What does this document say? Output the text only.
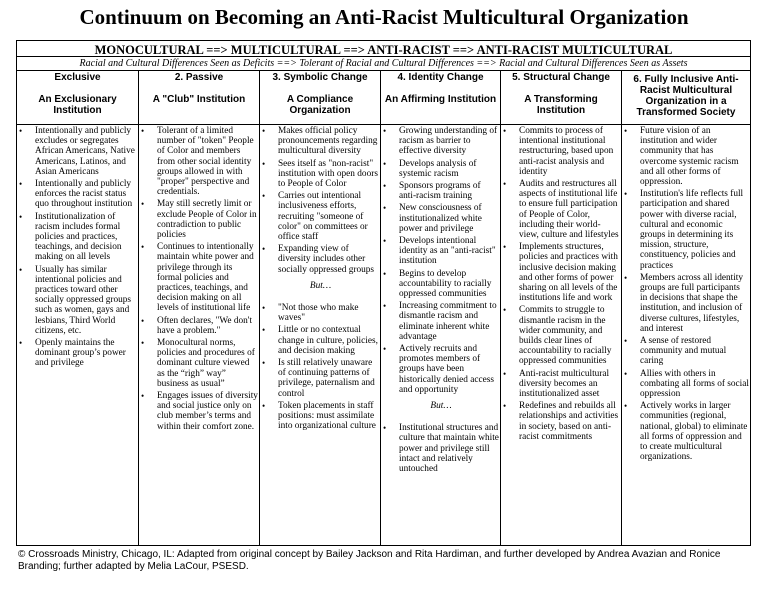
Continuum on Becoming an Anti-Racist Multicultural Organization
MONOCULTURAL ==> MULTICULTURAL ==> ANTI-RACIST ==> ANTI-RACIST MULTICULTURAL
Racial and Cultural Differences Seen as Deficits ==> Tolerant of Racial and Cultural Differences ==> Racial and Cultural Differences Seen as Assets
Exclusive
An Exclusionary Institution
2. Passive
A "Club" Institution
3. Symbolic Change
A Compliance Organization
4. Identity Change
An Affirming Institution
5. Structural Change
A Transforming Institution
6. Fully Inclusive Anti-Racist Multicultural Organization in a Transformed Society
• Intentionally and publicly excludes or segregates African Americans, Native Americans, Latinos, and Asian Americans
• Intentionally and publicly enforces the racist status quo throughout institution
• Institutionalization of racism includes formal policies and practices, teachings, and decision making on all levels
• Usually has similar intentional policies and practices toward other socially oppressed groups such as women, gays and lesbians, Third World citizens, etc.
• Openly maintains the dominant group’s power and privilege
• Tolerant of a limited number of "token" People of Color and members from other social identity groups allowed in with "proper" perspective and credentials.
• May still secretly limit or exclude People of Color in contradiction to public policies
• Continues to intentionally maintain white power and privilege through its formal policies and practices, teachings, and decision making on all levels of institutional life
• Often declares, "We don't have a problem."
• Monocultural norms, policies and procedures of dominant culture viewed as the “righ” way” business as usual”
• Engages issues of diversity and social justice only on club member’s terms and within their comfort zone.
• Makes official policy pronouncements regarding multicultural diversity
• Sees itself as "non-racist" institution with open doors to People of Color
• Carries out intentional inclusiveness efforts, recruiting "someone of color" on committees or office staff
• Expanding view of diversity includes other socially oppressed groups
But…
• "Not those who make waves"
• Little or no contextual change in culture, policies, and decision making
• Is still relatively unaware of continuing patterns of privilege, paternalism and control
• Token placements in staff positions: must assimilate into organizational culture
• Growing understanding of racism as barrier to effective diversity
• Develops analysis of systemic racism
• Sponsors programs of anti-racism training
• New consciousness of institutionalized white power and privilege
• Develops intentional identity as an "anti-racist" institution
• Begins to develop accountability to racially oppressed communities
• Increasing commitment to dismantle racism and eliminate inherent white advantage
• Actively recruits and promotes members of groups have been historically denied access and opportunity
But…
• Institutional structures and culture that maintain white power and privilege still intact and relatively untouched
• Commits to process of intentional institutional restructuring, based upon anti-racist analysis and identity
• Audits and restructures all aspects of institutional life to ensure full participation of People of Color, including their world-view, culture and lifestyles
• Implements structures, policies and practices with inclusive decision making and other forms of power sharing on all levels of the institutions life and work
• Commits to struggle to dismantle racism in the wider community, and builds clear lines of accountability to racially oppressed communities
• Anti-racist multicultural diversity becomes an institutionalized asset
• Redefines and rebuilds all relationships and activities in society, based on anti-racist commitments
• Future vision of an institution and wider community that has overcome systemic racism and all other forms of oppression.
• Institution's life reflects full participation and shared power with diverse racial, cultural and economic groups in determining its mission, structure, constituency, policies and practices
• Members across all identity groups are full participants in decisions that shape the institution, and inclusion of diverse cultures, lifestyles, and interest
• A sense of restored community and mutual caring
• Allies with others in combating all forms of social oppression
• Actively works in larger communities (regional, national, global) to eliminate all forms of oppression and to create multicultural organizations.
© Crossroads Ministry, Chicago, IL: Adapted from original concept by Bailey Jackson and Rita Hardiman, and further developed by Andrea Avazian and Ronice Branding; further adapted by Melia LaCour, PSESD.
